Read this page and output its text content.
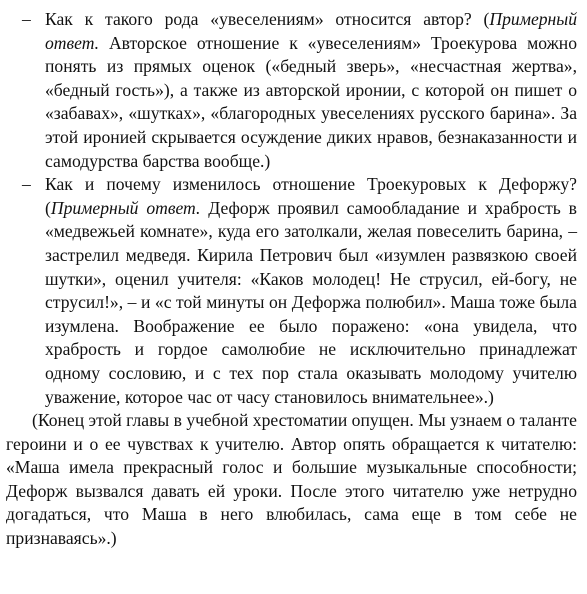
– Как к такого рода «увеселениям» относится автор? (Примерный ответ. Авторское отношение к «увеселениям» Троекурова можно понять из прямых оценок («бедный зверь», «несчастная жертва», «бедный гость»), а также из авторской иронии, с которой он пишет о «забавах», «шутках», «благородных увеселениях русского барина». За этой иронией скрывается осуждение диких нравов, безнаказанности и самодурства барства вообще.)
– Как и почему изменилось отношение Троекуровых к Дефоржу? (Примерный ответ. Дефорж проявил самообладание и храбрость в «медвежьей комнате», куда его затолкали, желая повеселить барина, – застрелил медведя. Кирила Петрович был «изумлен развязкою своей шутки», оценил учителя: «Каков молодец! Не струсил, ей-богу, не струсил!», – и «с той минуты он Дефоржа полюбил». Маша тоже была изумлена. Воображение ее было поражено: «она увидела, что храбрость и гордое самолюбие не исключительно принадлежат одному сословию, и с тех пор стала оказывать молодому учителю уважение, которое час от часу становилось внимательнее».)

(Конец этой главы в учебной хрестоматии опущен. Мы узнаем о таланте героини и о ее чувствах к учителю. Автор опять обращается к читателю: «Маша имела прекрасный голос и большие музыкальные способности; Дефорж вызвался давать ей уроки. После этого читателю уже нетрудно догадаться, что Маша в него влюбилась, сама еще в том себе не признаваясь».)
